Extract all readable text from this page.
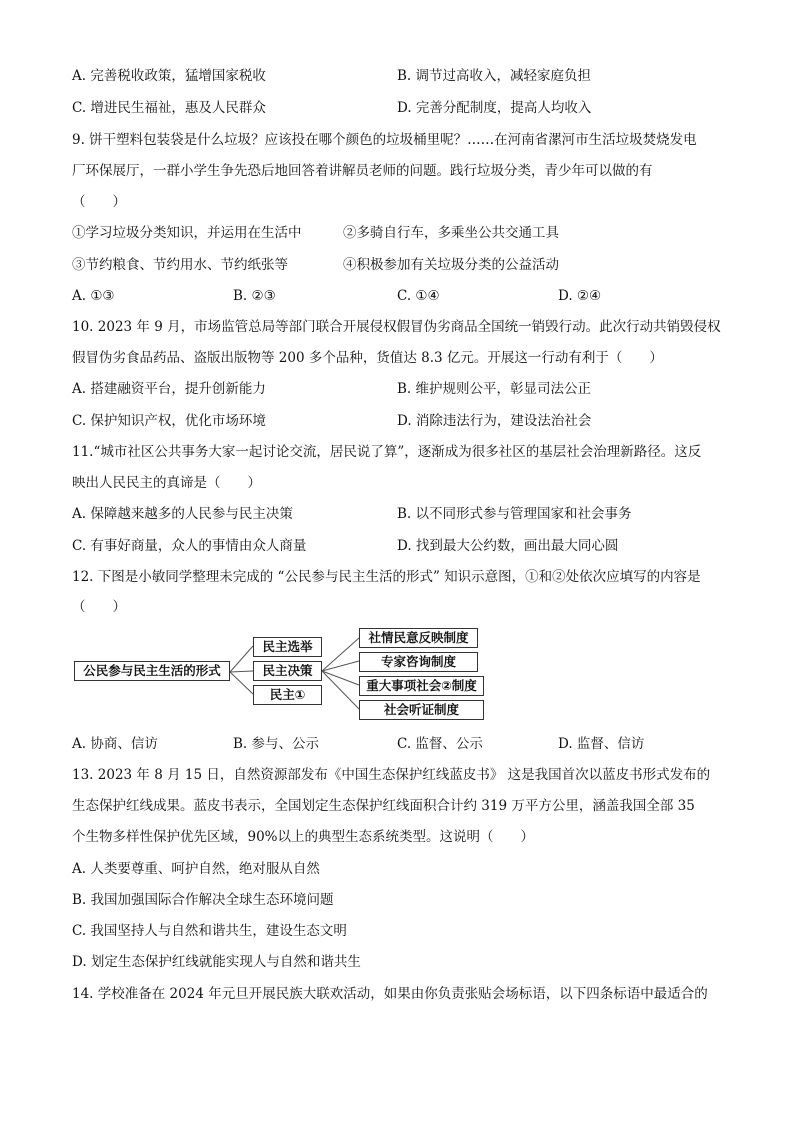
A. 完善税收政策，猛增国家税收	B. 调节过高收入，减轻家庭负担
C. 增进民生福祉，惠及人民群众	D. 完善分配制度，提高人均收入
9. 饼干塑料包装袋是什么垃圾？应该投在哪个颜色的垃圾桶里呢？……在河南省漯河市生活垃圾焚烧发电
厂环保展厅，一群小学生争先恐后地回答着讲解员老师的问题。践行垃圾分类，青少年可以做的有
（　　）
①学习垃圾分类知识，并运用在生活中	②多骑自行车，多乘坐公共交通工具
③节约粮食、节约用水、节约纸张等	④积极参加有关垃圾分类的公益活动
A. ①③	B. ②③	C. ①④	D. ②④
10. 2023 年 9 月，市场监管总局等部门联合开展侵权假冒伪劣商品全国统一销毁行动。此次行动共销毁侵权
假冒伪劣食品药品、盗版出版物等 200 多个品种，货值达 8.3 亿元。开展这一行动有利于（　　）
A. 搭建融资平台，提升创新能力	B. 维护规则公平，彰显司法公正
C. 保护知识产权，优化市场环境	D. 消除违法行为，建设法治社会
11.“城市社区公共事务大家一起讨论交流，居民说了算”，逐渐成为很多社区的基层社会治理新路径。这反
映出人民民主的真谛是（　　）
A. 保障越来越多的人民参与民主决策	B. 以不同形式参与管理国家和社会事务
C. 有事好商量，众人的事情由众人商量	D. 找到最大公约数，画出最大同心圆
12. 下图是小敏同学整理未完成的 “公民参与民主生活的形式” 知识示意图，①和②处依次应填写的内容是
（　　）
公民参与民主生活的形式
民主选举
民主决策
民主①
社情民意反映制度
专家咨询制度
重大事项社会②制度
社会听证制度
A. 协商、信访	B. 参与、公示	C. 监督、公示	D. 监督、信访
13. 2023 年 8 月 15 日，自然资源部发布《中国生态保护红线蓝皮书》 这是我国首次以蓝皮书形式发布的
生态保护红线成果。蓝皮书表示，全国划定生态保护红线面积合计约 319 万平方公里，涵盖我国全部 35
个生物多样性保护优先区域，90%以上的典型生态系统类型。这说明（　　）
A. 人类要尊重、呵护自然，绝对服从自然
B. 我国加强国际合作解决全球生态环境问题
C. 我国坚持人与自然和谐共生，建设生态文明
D. 划定生态保护红线就能实现人与自然和谐共生
14. 学校准备在 2024 年元旦开展民族大联欢活动，如果由你负责张贴会场标语，以下四条标语中最适合的
